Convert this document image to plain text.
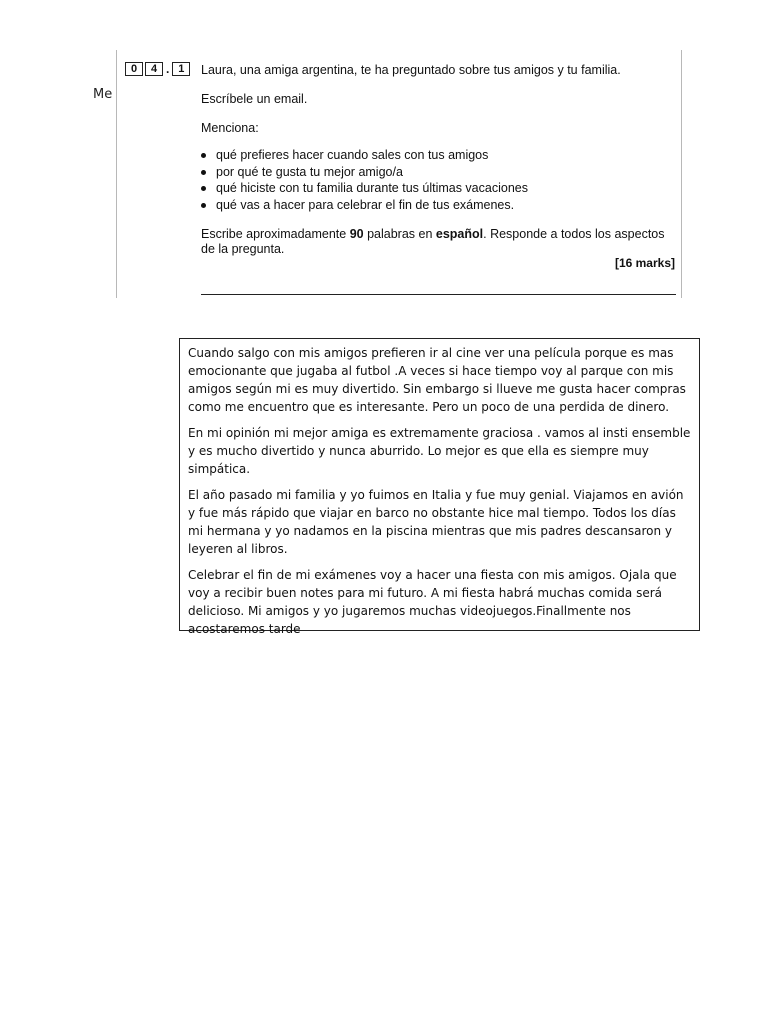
Me
0	4 . 1	Laura, una amiga argentina, te ha preguntado sobre tus amigos y tu familia.
Escríbele un email.
Menciona:
qué prefieres hacer cuando sales con tus amigos
por qué te gusta tu mejor amigo/a
qué hiciste con tu familia durante tus últimas vacaciones
qué vas a hacer para celebrar el fin de tus exámenes.
Escribe aproximadamente 90 palabras en español. Responde a todos los aspectos de la pregunta.
[16 marks]

Cuando salgo con mis amigos prefieren ir al cine ver una película porque es mas emocionante que jugaba al futbol .A veces si hace tiempo voy al parque con mis amigos según mi es muy divertido. Sin embargo si llueve me gusta hacer compras como me encuentro que es interesante. Pero un poco de una perdida de dinero.

En mi opinión mi mejor amiga es extremamente graciosa . vamos al insti ensemble y es mucho divertido y nunca aburrido. Lo mejor es que ella es siempre muy simpática.

El año pasado mi familia y yo fuimos en Italia y fue muy genial. Viajamos en avión y fue más rápido que viajar en barco no obstante hice mal tiempo. Todos los días mi hermana y yo nadamos en la piscina mientras que mis padres descansaron y leyeren al libros.

Celebrar el fin de mi exámenes voy a hacer una fiesta con mis amigos. Ojala que voy a recibir buen notes para mi futuro. A mi fiesta habrá muchas comida será delicioso. Mi amigos y yo jugaremos muchas videojuegos.Finallmente nos acostaremos tarde
